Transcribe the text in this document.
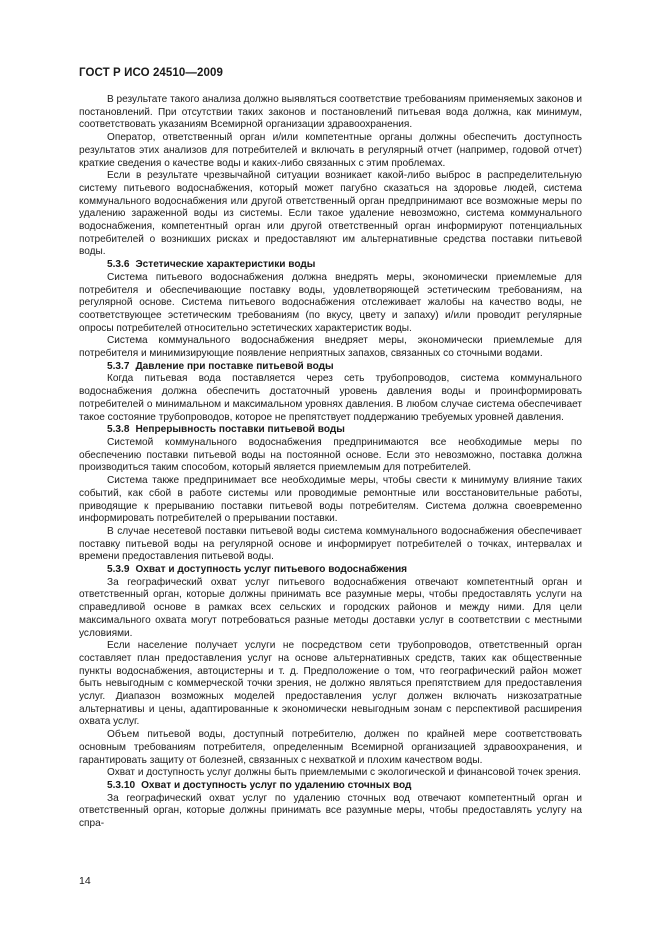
ГОСТ Р ИСО 24510—2009

В результате такого анализа должно выявляться соответствие требованиям применяемых законов и постановлений. При отсутствии таких законов и постановлений питьевая вода должна, как минимум, соответствовать указаниям Всемирной организации здравоохранения.

Оператор, ответственный орган и/или компетентные органы должны обеспечить доступность результатов этих анализов для потребителей и включать в регулярный отчет (например, годовой отчет) краткие сведения о качестве воды и каких-либо связанных с этим проблемах.

Если в результате чрезвычайной ситуации возникает какой-либо выброс в распределительную систему питьевого водоснабжения, который может пагубно сказаться на здоровье людей, система коммунального водоснабжения или другой ответственный орган предпринимают все возможные меры по удалению зараженной воды из системы. Если такое удаление невозможно, система коммунального водоснабжения, компетентный орган или другой ответственный орган информируют потенциальных потребителей о возникших рисках и предоставляют им альтернативные средства поставки питьевой воды.

5.3.6 Эстетические характеристики воды

Система питьевого водоснабжения должна внедрять меры, экономически приемлемые для потребителя и обеспечивающие поставку воды, удовлетворяющей эстетическим требованиям, на регулярной основе. Система питьевого водоснабжения отслеживает жалобы на качество воды, не соответствующее эстетическим требованиям (по вкусу, цвету и запаху) и/или проводит регулярные опросы потребителей относительно эстетических характеристик воды.

Система коммунального водоснабжения внедряет меры, экономически приемлемые для потребителя и минимизирующие появление неприятных запахов, связанных со сточными водами.

5.3.7 Давление при поставке питьевой воды

Когда питьевая вода поставляется через сеть трубопроводов, система коммунального водоснабжения должна обеспечить достаточный уровень давления воды и проинформировать потребителей о минимальном и максимальном уровнях давления. В любом случае система обеспечивает такое состояние трубопроводов, которое не препятствует поддержанию требуемых уровней давления.

5.3.8 Непрерывность поставки питьевой воды

Системой коммунального водоснабжения предпринимаются все необходимые меры по обеспечению поставки питьевой воды на постоянной основе. Если это невозможно, поставка должна производиться таким способом, который является приемлемым для потребителей.

Система также предпринимает все необходимые меры, чтобы свести к минимуму влияние таких событий, как сбой в работе системы или проводимые ремонтные или восстановительные работы, приводящие к прерыванию поставки питьевой воды потребителям. Система должна своевременно информировать потребителей о прерывании поставки.

В случае несетевой поставки питьевой воды система коммунального водоснабжения обеспечивает поставку питьевой воды на регулярной основе и информирует потребителей о точках, интервалах и времени предоставления питьевой воды.

5.3.9 Охват и доступность услуг питьевого водоснабжения

За географический охват услуг питьевого водоснабжения отвечают компетентный орган и ответственный орган, которые должны принимать все разумные меры, чтобы предоставлять услуги на справедливой основе в рамках всех сельских и городских районов и между ними. Для цели максимального охвата могут потребоваться разные методы доставки услуг в соответствии с местными условиями.

Если население получает услуги не посредством сети трубопроводов, ответственный орган составляет план предоставления услуг на основе альтернативных средств, таких как общественные пункты водоснабжения, автоцистерны и т. д. Предположение о том, что географический район может быть невыгодным с коммерческой точки зрения, не должно являться препятствием для предоставления услуг. Диапазон возможных моделей предоставления услуг должен включать низкозатратные альтернативы и цены, адаптированные к экономически невыгодным зонам с перспективой расширения охвата услуг.

Объем питьевой воды, доступный потребителю, должен по крайней мере соответствовать основным требованиям потребителя, определенным Всемирной организацией здравоохранения, и гарантировать защиту от болезней, связанных с нехваткой и плохим качеством воды.

Охват и доступность услуг должны быть приемлемыми с экологической и финансовой точек зрения.

5.3.10 Охват и доступность услуг по удалению сточных вод

За географический охват услуг по удалению сточных вод отвечают компетентный орган и ответственный орган, которые должны принимать все разумные меры, чтобы предоставлять услугу на спра-

14
